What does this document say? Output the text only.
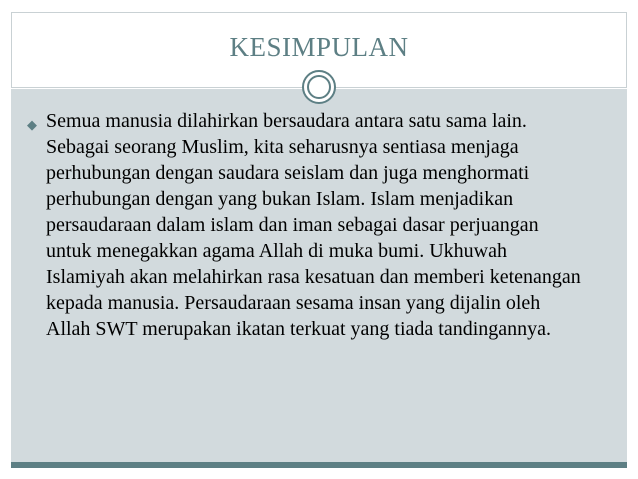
KESIMPULAN
◆ Semua manusia dilahirkan bersaudara antara satu sama lain. Sebagai seorang Muslim, kita seharusnya sentiasa menjaga perhubungan dengan saudara seislam dan juga menghormati perhubungan dengan yang bukan Islam. Islam menjadikan persaudaraan dalam islam dan iman sebagai dasar perjuangan untuk menegakkan agama Allah di muka bumi. Ukhuwah Islamiyah akan melahirkan rasa kesatuan dan memberi ketenangan kepada manusia. Persaudaraan sesama insan yang dijalin oleh Allah SWT merupakan ikatan terkuat yang tiada tandingannya.
